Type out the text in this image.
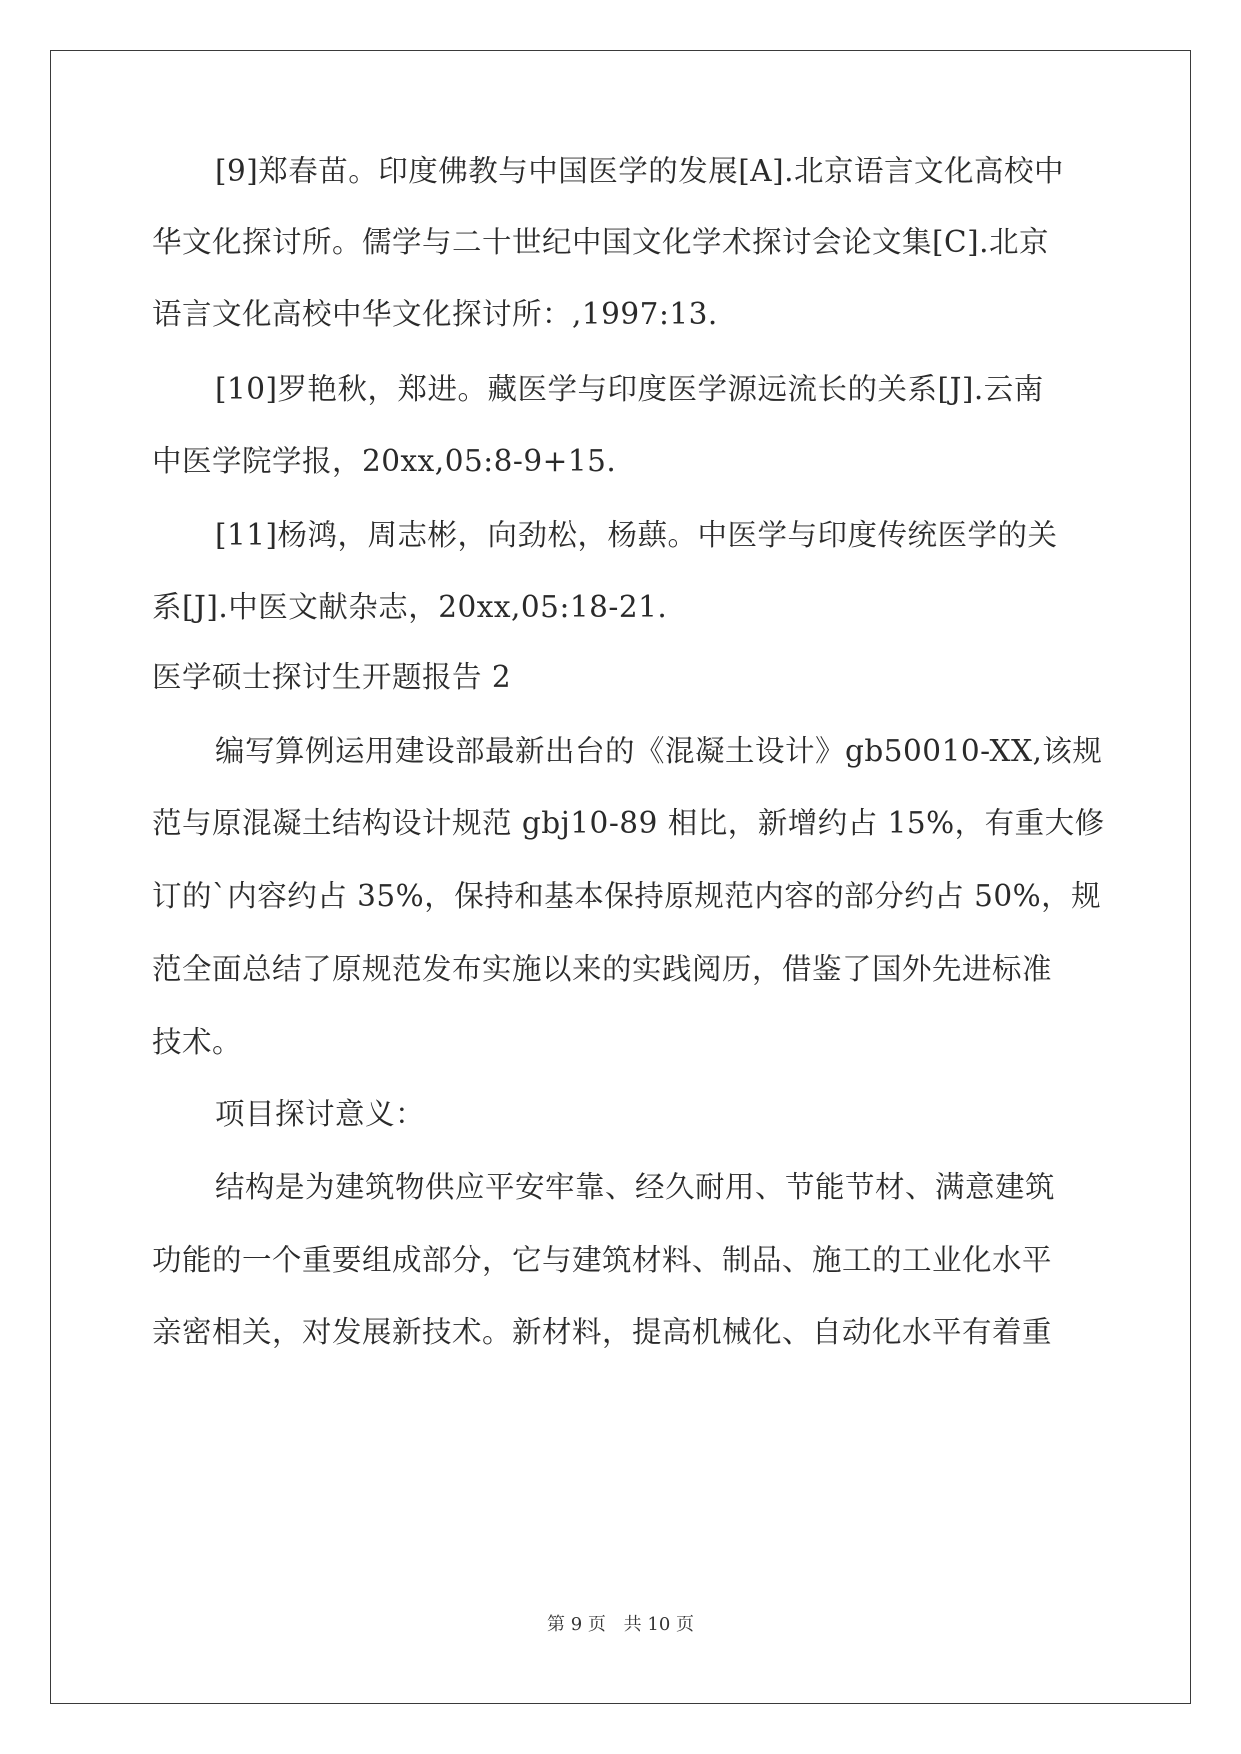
[9]郑春苗。印度佛教与中国医学的发展[A].北京语言文化高校中
华文化探讨所。儒学与二十世纪中国文化学术探讨会论文集[C].北京
语言文化高校中华文化探讨所：,1997:13.
[10]罗艳秋，郑进。藏医学与印度医学源远流长的关系[J].云南
中医学院学报，20xx,05:8-9+15.
[11]杨鸿，周志彬，向劲松，杨蕻。中医学与印度传统医学的关
系[J].中医文献杂志，20xx,05:18-21.
医学硕士探讨生开题报告 2
编写算例运用建设部最新出台的《混凝土设计》gb50010-XX,该规
范与原混凝土结构设计规范 gbj10-89 相比，新增约占 15%，有重大修
订的`内容约占 35%，保持和基本保持原规范内容的部分约占 50%，规
范全面总结了原规范发布实施以来的实践阅历，借鉴了国外先进标准
技术。
项目探讨意义：
结构是为建筑物供应平安牢靠、经久耐用、节能节材、满意建筑
功能的一个重要组成部分，它与建筑材料、制品、施工的工业化水平
亲密相关，对发展新技术。新材料，提高机械化、自动化水平有着重
第 9 页 共 10 页
